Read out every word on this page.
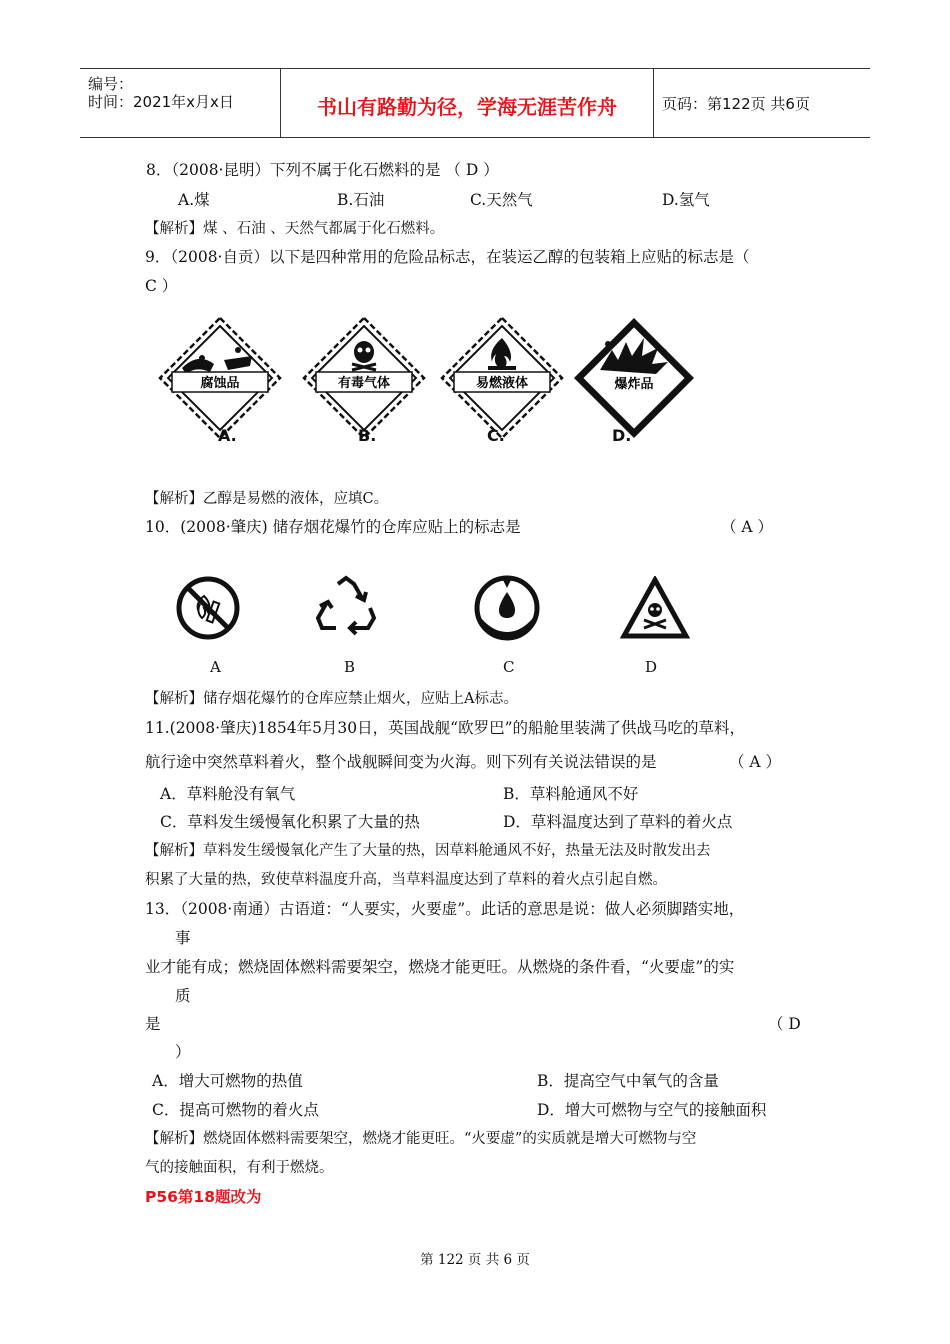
编号：
时间：2021年x月x日	书山有路勤为径，学海无涯苦作舟	页码：第122页 共6页
8．（2008·昆明）下列不属于化石燃料的是 （ D ）
A.煤	B.石油	C.天然气	D.氢气
【解析】煤 、石油 、天然气都属于化石燃料。
9．（2008·自贡）以下是四种常用的危险品标志，在装运乙醇的包装箱上应贴的标志是（
C ）
腐蚀品
A.
有毒气体
B.
易燃液体
C.
爆炸品
D.
【解析】乙醇是易燃的液体，应填C。
10．(2008·肇庆) 储存烟花爆竹的仓库应贴上的标志是	（ A ）
A	B	C	D
【解析】储存烟花爆竹的仓库应禁止烟火，应贴上A标志。
11.(2008·肇庆)1854年5月30日，英国战舰“欧罗巴”的船舱里装满了供战马吃的草料，
航行途中突然草料着火，整个战舰瞬间变为火海。则下列有关说法错误的是	（ A ）
A．草料舱没有氧气	B．草料舱通风不好
C．草料发生缓慢氧化积累了大量的热	D．草料温度达到了草料的着火点
【解析】草料发生缓慢氧化产生了大量的热，因草料舱通风不好，热量无法及时散发出去
积累了大量的热，致使草料温度升高，当草料温度达到了草料的着火点引起自燃。
13．（2008·南通）古语道：“人要实，火要虚”。此话的意思是说：做人必须脚踏实地，
事
业才能有成；燃烧固体燃料需要架空，燃烧才能更旺。从燃烧的条件看，“火要虚”的实
质
是	（ D
）
A．增大可燃物的热值	B．提高空气中氧气的含量
C．提高可燃物的着火点	D．增大可燃物与空气的接触面积
【解析】燃烧固体燃料需要架空，燃烧才能更旺。“火要虚”的实质就是增大可燃物与空
气的接触面积，有利于燃烧。
P56第18题改为
第 122 页 共 6 页
